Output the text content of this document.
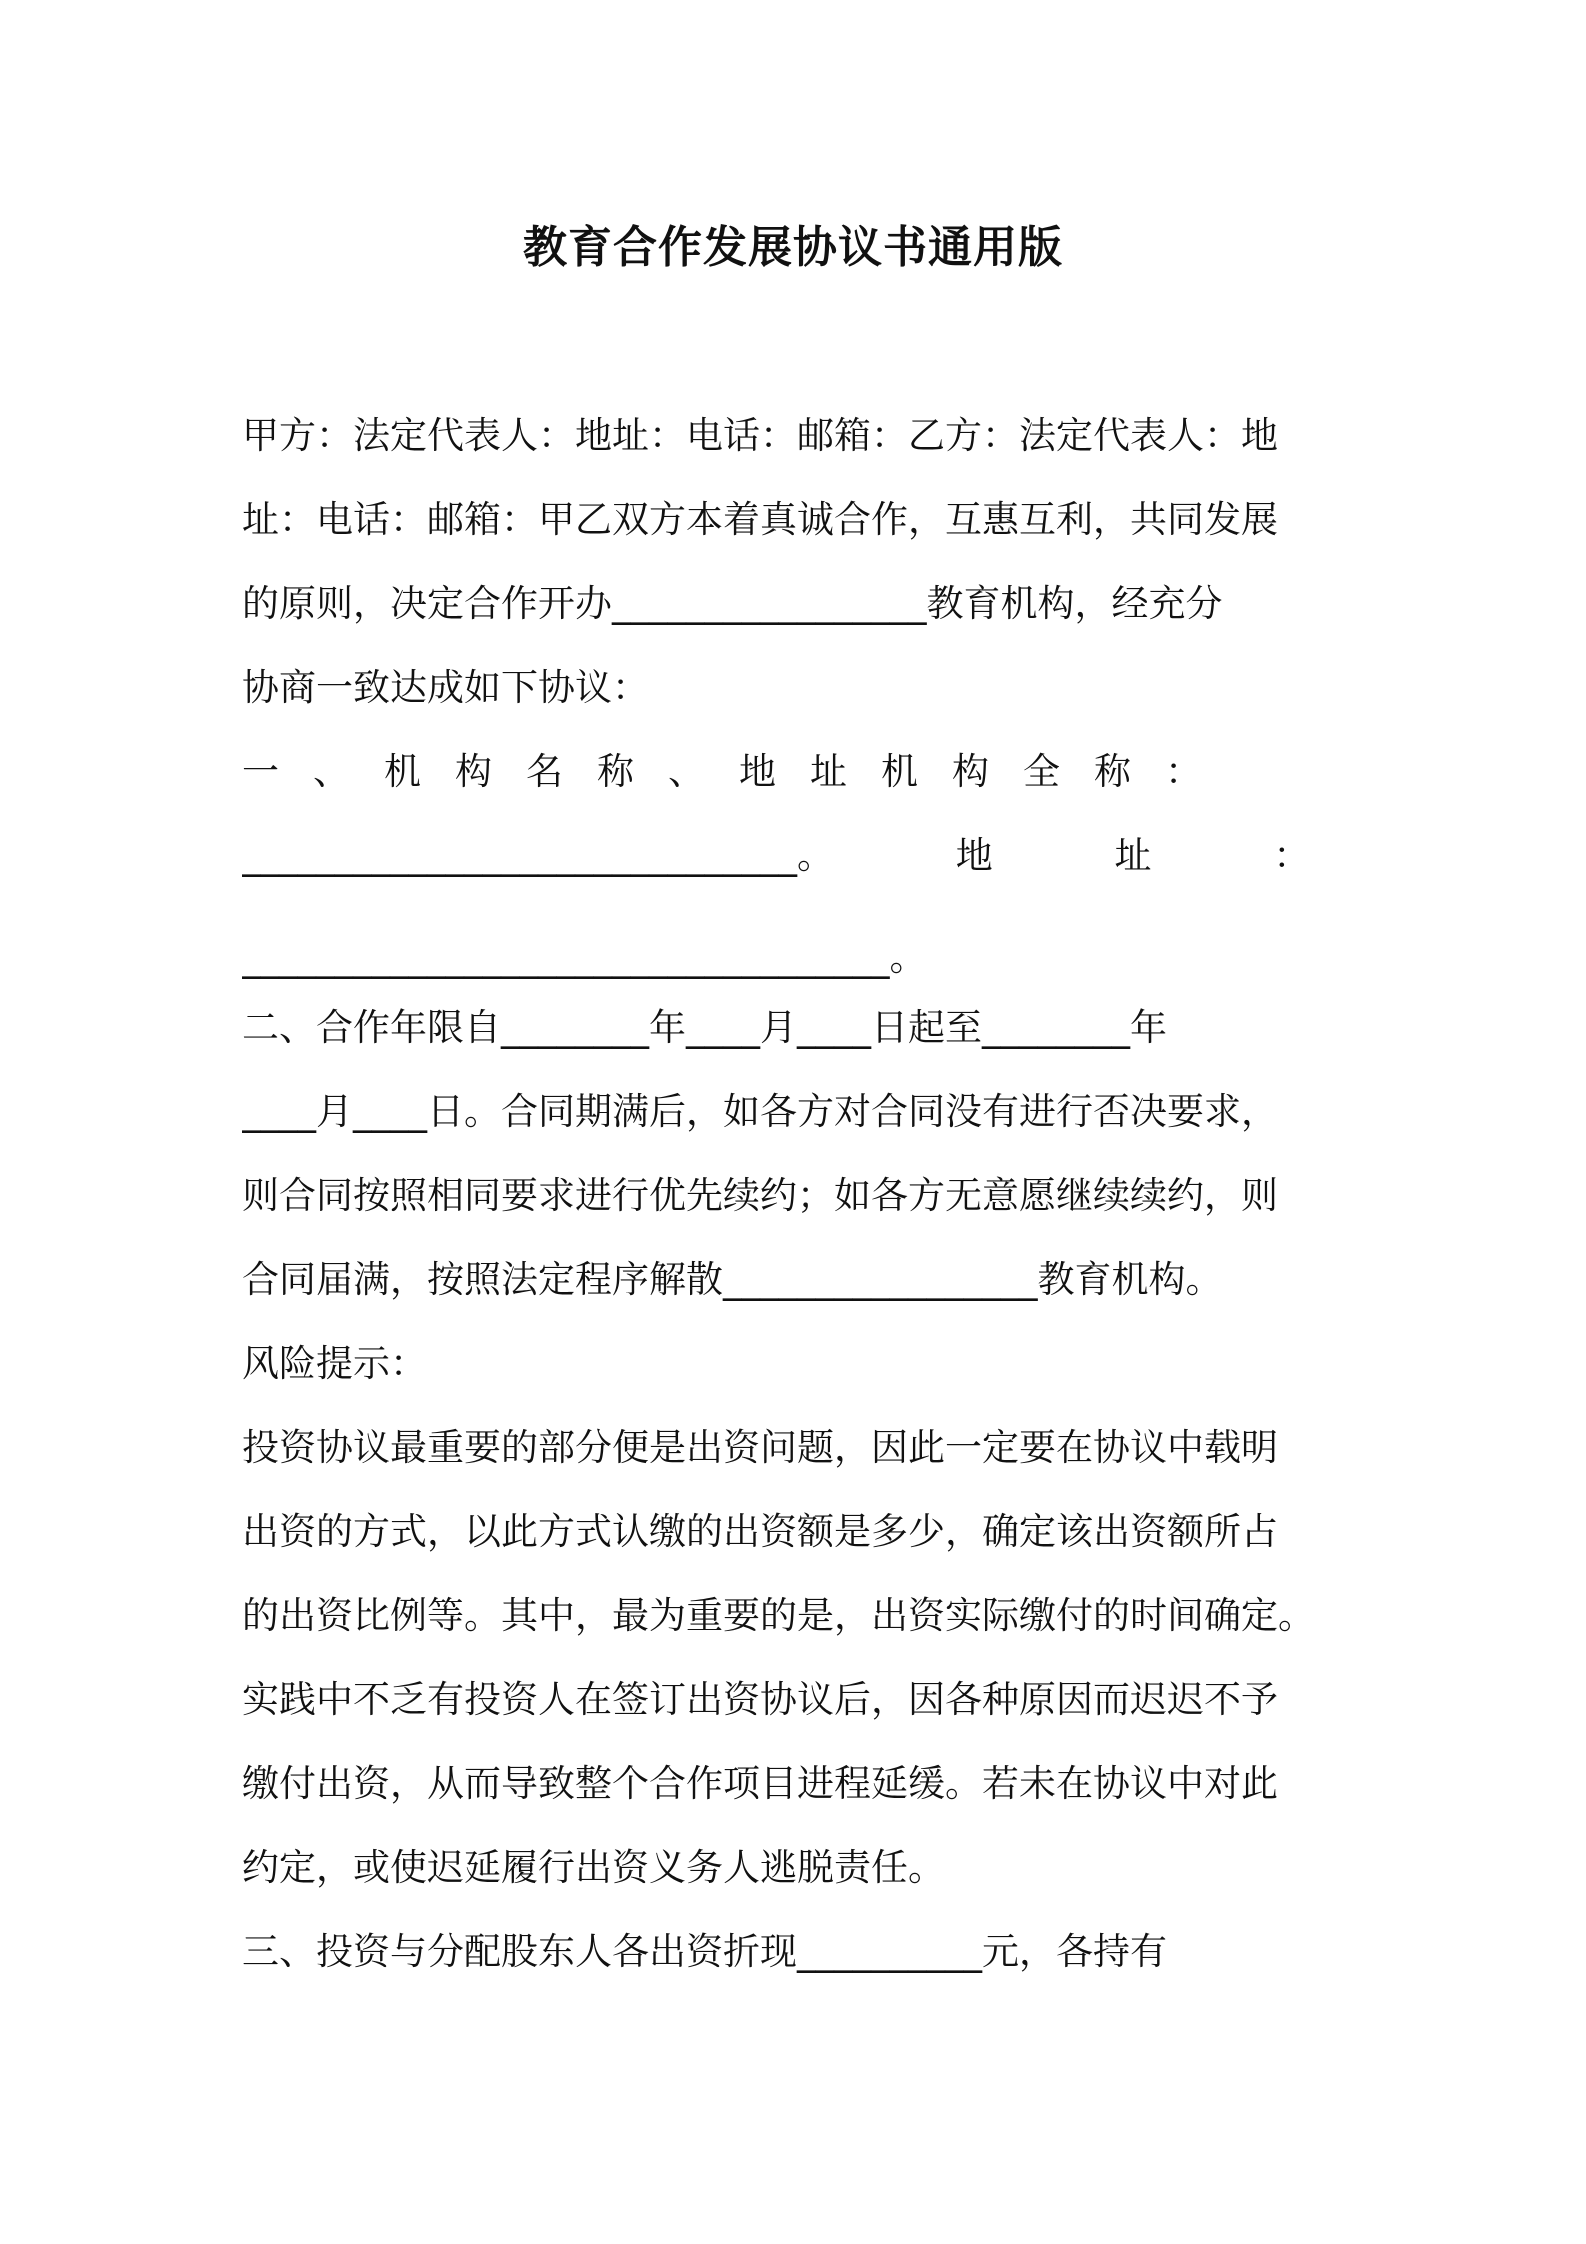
教育合作发展协议书通用版
甲方：法定代表人：地址：电话：邮箱：乙方：法定代表人：地
址：电话：邮箱：甲乙双方本着真诚合作，互惠互利，共同发展
的原则，决定合作开办_________________教育机构，经充分
协商一致达成如下协议：
一、机构名称、地址机构全称：
______________________________。 地 址 ：
___________________________________。
二、合作年限自________年____月____日起至________年
____月____日。合同期满后，如各方对合同没有进行否决要求，
则合同按照相同要求进行优先续约；如各方无意愿继续续约，则
合同届满，按照法定程序解散_________________教育机构。
风险提示：
投资协议最重要的部分便是出资问题，因此一定要在协议中载明
出资的方式，以此方式认缴的出资额是多少，确定该出资额所占
的出资比例等。其中，最为重要的是，出资实际缴付的时间确定。
实践中不乏有投资人在签订出资协议后，因各种原因而迟迟不予
缴付出资，从而导致整个合作项目进程延缓。若未在协议中对此
约定，或使迟延履行出资义务人逃脱责任。
三、投资与分配股东人各出资折现__________元，各持有
